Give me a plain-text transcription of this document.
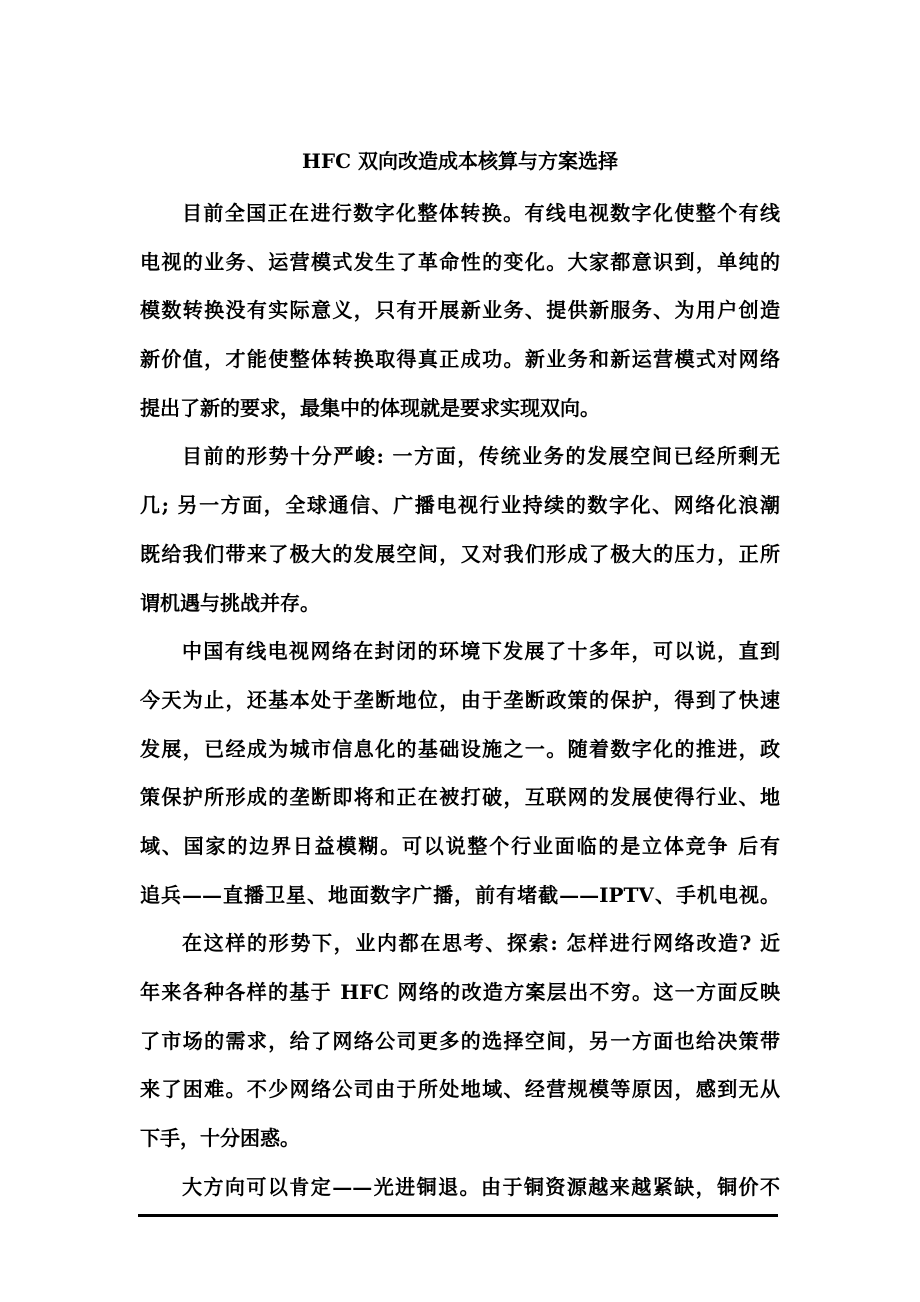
HFC 双向改造成本核算与方案选择
目前全国正在进行数字化整体转换。有线电视数字化使整个有线
电视的业务、运营模式发生了革命性的变化。大家都意识到，单纯的
模数转换没有实际意义，只有开展新业务、提供新服务、为用户创造
新价值，才能使整体转换取得真正成功。新业务和新运营模式对网络
提出了新的要求，最集中的体现就是要求实现双向。
目前的形势十分严峻: 一方面，传统业务的发展空间已经所剩无
几; 另一方面，全球通信、广播电视行业持续的数字化、网络化浪潮
既给我们带来了极大的发展空间，又对我们形成了极大的压力，正所
谓机遇与挑战并存。
中国有线电视网络在封闭的环境下发展了十多年，可以说，直到
今天为止，还基本处于垄断地位，由于垄断政策的保护，得到了快速
发展，已经成为城市信息化的基础设施之一。随着数字化的推进，政
策保护所形成的垄断即将和正在被打破，互联网的发展使得行业、地
域、国家的边界日益模糊。可以说整个行业面临的是立体竞争 后有
追兵——直播卫星、地面数字广播，前有堵截——IPTV、手机电视。
在这样的形势下，业内都在思考、探索: 怎样进行网络改造? 近
年来各种各样的基于 HFC 网络的改造方案层出不穷。这一方面反映
了市场的需求，给了网络公司更多的选择空间，另一方面也给决策带
来了困难。不少网络公司由于所处地域、经营规模等原因，感到无从
下手，十分困惑。
大方向可以肯定——光进铜退。由于铜资源越来越紧缺，铜价不
